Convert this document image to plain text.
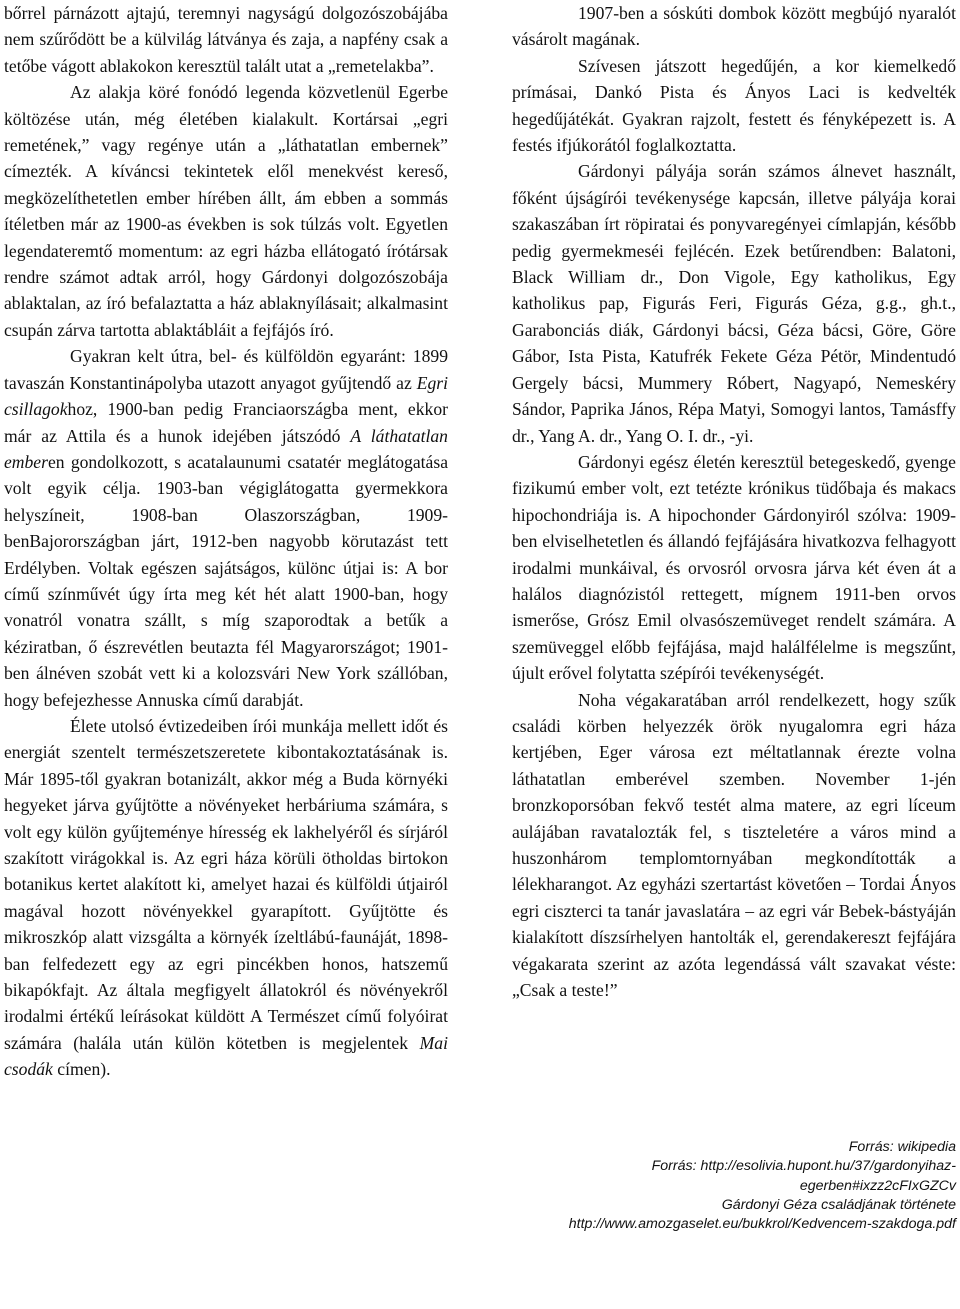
bőrrel párnázott ajtajú, teremnyi nagyságú dolgozószobájába nem szűrődött be a külvilág látványa és zaja, a napfény csak a tetőbe vágott ablakokon keresztül talált utat a „remetelakba”.

Az alakja köré fonódó legenda közvetlenül Egerbe költözése után, még életében kialakult. Kortársai „egri remetének,” vagy regénye után a „láthatatlan embernek” címezték. A kíváncsi tekintetek elől menekvést kereső, megközelíthetetlen ember hírében állt, ám ebben a sommás ítéletben már az 1900-as években is sok túlzás volt. Egyetlen legendateremtő momentum: az egri házba ellátogató írótársak rendre számot adtak arról, hogy Gárdonyi dolgozószobája ablaktalan, az író befalaztatta a ház ablaknyílásait; alkalmasint csupán zárva tartotta ablaktábláit a fejfájós író.

Gyakran kelt útra, bel- és külföldön egyaránt: 1899 tavaszán Konstantinápolyba utazott anyagot gyűjtendő az Egri csillagokhoz, 1900-ban pedig Franciaországba ment, ekkor már az Attila és a hunok idejében játszódó A láthatatlan emberen gondolkozott, s acatalaunumi csatatér meglátogatása volt egyik célja. 1903-ban végiglátogatta gyermekkora helyszíneit, 1908-ban Olaszországban, 1909-benBajorországban járt, 1912-ben nagyobb körutazást tett Erdélyben. Voltak egészen sajátságos, különc útjai is: A bor című színművét úgy írta meg két hét alatt 1900-ban, hogy vonatról vonatra szállt, s míg szaporodtak a betűk a kéziratban, ő észrevétlen beutazta fél Magyarországot; 1901-ben álnéven szobát vett ki a kolozsvári New York szállóban, hogy befejezhesse Annuska című darabját.

Élete utolsó évtizedeiben írói munkája mellett időt és energiát szentelt természetszeretete kibontakoztatásának is. Már 1895-től gyakran botanizált, akkor még a Buda környéki hegyeket járva gyűjtötte a növényeket herbáriuma számára, s volt egy külön gyűjteménye híresség ek lakhelyéről és sírjáról szakított virágokkal is. Az egri háza körüli ötholdas birtokon botanikus kertet alakított ki, amelyet hazai és külföldi útjairól magával hozott növényekkel gyarapított. Gyűjtötte és mikroszkóp alatt vizsgálta a környék ízeltlábú-faunáját, 1898-ban felfedezett egy az egri pincékben honos, hatszemű bikapókfajt. Az általa megfigyelt állatokról és növényekről irodalmi értékű leírásokat küldött A Természet című folyóirat számára (halála után külön kötetben is megjelentek Mai csodák címen).

1907-ben a sóskúti dombok között megbújó nyaralót vásárolt magának.

Szívesen játszott hegedűjén, a kor kiemelkedő prímásai, Dankó Pista és Ányos Laci is kedvelték hegedűjátékát. Gyakran rajzolt, festett és fényképezett is. A festés ifjúkorától foglalkoztatta.

Gárdonyi pályája során számos álnevet használt, főként újságírói tevékenysége kapcsán, illetve pályája korai szakaszában írt röpiratai és ponyvaregényei címlapján, később pedig gyermekmeséi fejlécén. Ezek betűrendben: Balatoni, Black William dr., Don Vigole, Egy katholikus, Egy katholikus pap, Figurás Feri, Figurás Géza, g.g., gh.t., Garabonciás diák, Gárdonyi bácsi, Géza bácsi, Göre, Göre Gábor, Ista Pista, Katufrék Fekete Géza Pétör, Mindentudó Gergely bácsi, Mummery Róbert, Nagyapó, Nemeskéry Sándor, Paprika János, Répa Matyi, Somogyi lantos, Tamásffy dr., Yang A. dr., Yang O. I. dr., -yi.

Gárdonyi egész életén keresztül betegeskedő, gyenge fizikumú ember volt, ezt tetézte krónikus tüdőbaja és makacs hipochondriája is. A hipochonder Gárdonyiról szólva: 1909-ben elviselhetetlen és állandó fejfájására hivatkozva felhagyott irodalmi munkáival, és orvosról orvosra járva két éven át a halálos diagnózistól rettegett, mígnem 1911-ben orvos ismerőse, Grósz Emil olvasószemüveget rendelt számára. A szemüveggel előbb fejfájása, majd halálfélelme is megszűnt, újult erővel folytatta szépírói tevékenységét.

Noha végakaratában arról rendelkezett, hogy szűk családi körben helyezzék örök nyugalomra egri háza kertjében, Eger városa ezt méltatlannak érezte volna láthatatlan emberével szemben. November 1-jén bronzkoporsóban fekvő testét alma matere, az egri líceum aulájában ravatalozták fel, s tiszteletére a város mind a huszonhárom templomtornyában megkondították a lélekharangot. Az egyházi szertartást követően – Tordai Ányos egri ciszterci ta tanár javaslatára – az egri vár Bebek-bástyáján kialakított díszsírhelyen hantolták el, gerendakereszt fejfájára végakarata szerint az azóta legendássá vált szavakat véste: „Csak a teste!”

Forrás: wikipedia
Forrás: http://esolivia.hupont.hu/37/gardonyihaz-egerben#ixzz2cFIxGZCv
Gárdonyi Géza családjának története
http://www.amozgaselet.eu/bukkrol/Kedvencem-szakdoga.pdf
